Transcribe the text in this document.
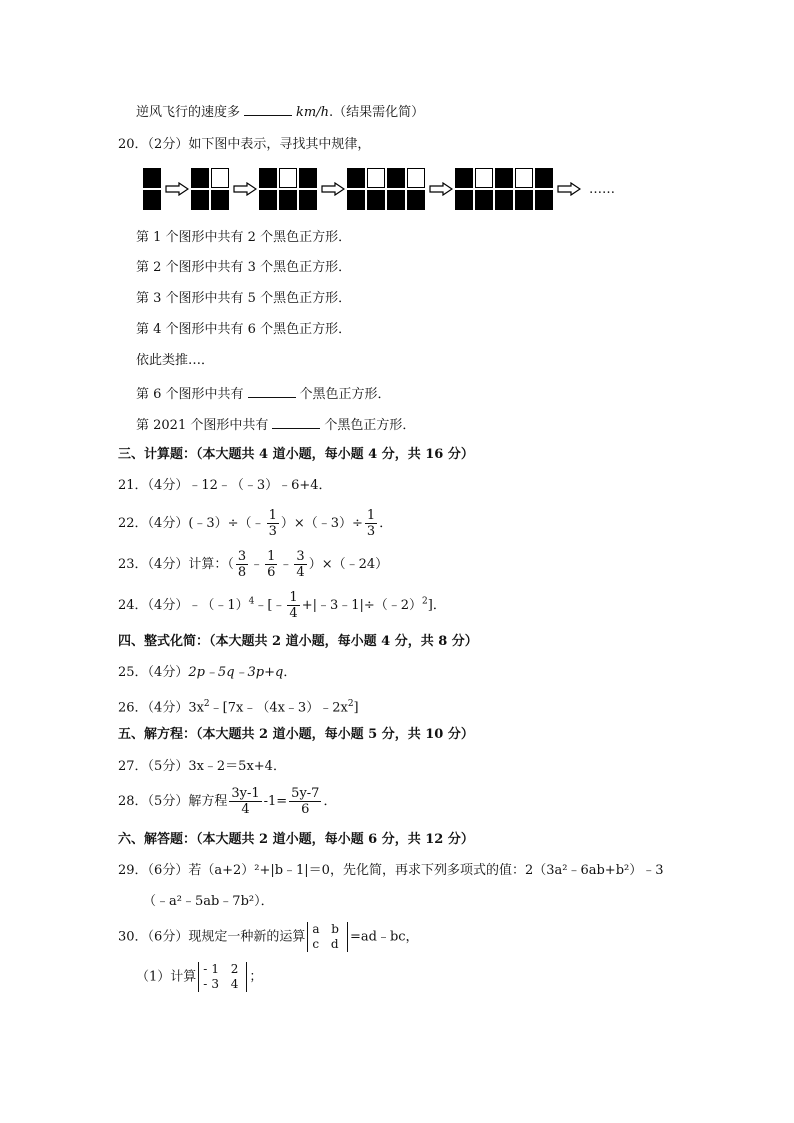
逆风飞行的速度多	km/h.（结果需化简）
20．（2分）如下图中表示，寻找其中规律，
……
第 1 个图形中共有 2 个黑色正方形．
第 2 个图形中共有 3 个黑色正方形．
第 3 个图形中共有 5 个黑色正方形．
第 4 个图形中共有 6 个黑色正方形．
依此类推…．
第 6 个图形中共有	个黑色正方形．
第 2021 个图形中共有	个黑色正方形．
三、计算题：（本大题共 4 道小题，每小题 4 分，共 16 分）
21．（4分）﹣12﹣（﹣3）﹣6+4．
22．（4分）(﹣3）÷（﹣ $\frac{1}{3}$ ）×（﹣3）÷ $\frac{1}{3}$ ．
23．（4分）计算：（ $\frac{3}{8}$ ﹣ $\frac{1}{6}$ ﹣ $\frac{3}{4}$ ）×（﹣24）
24．（4分）﹣（﹣1）$^4$﹣[﹣ $\frac{1}{4}$ +|﹣3﹣1|÷（﹣2）$^2$]．
四、整式化简：（本大题共 2 道小题，每小题 4 分，共 8 分）
25．（4分）2p﹣5q﹣3p+q．
26．（4分）$3x^2﹣[7x﹣(4x﹣3)﹣2x^2]$
五、解方程：（本大题共 2 道小题，每小题 5 分，共 10 分）
27．（5分）3x﹣2＝5x+4．
28．（5分）解方程 $\frac{3y-1}{4} -1= \frac{5y-7}{6}$ ．
六、解答题：（本大题共 2 道小题，每小题 6 分，共 12 分）
29．（6分）若（a+2）²+|b﹣1|＝0，先化简，再求下列多项式的值：2（3a²﹣6ab+b²）﹣3
（﹣a²﹣5ab﹣7b²）．
30．（6分）现规定一种新的运算
a b
c d =ad﹣bc，
（1）计算
-1 2
-3 4 ；
